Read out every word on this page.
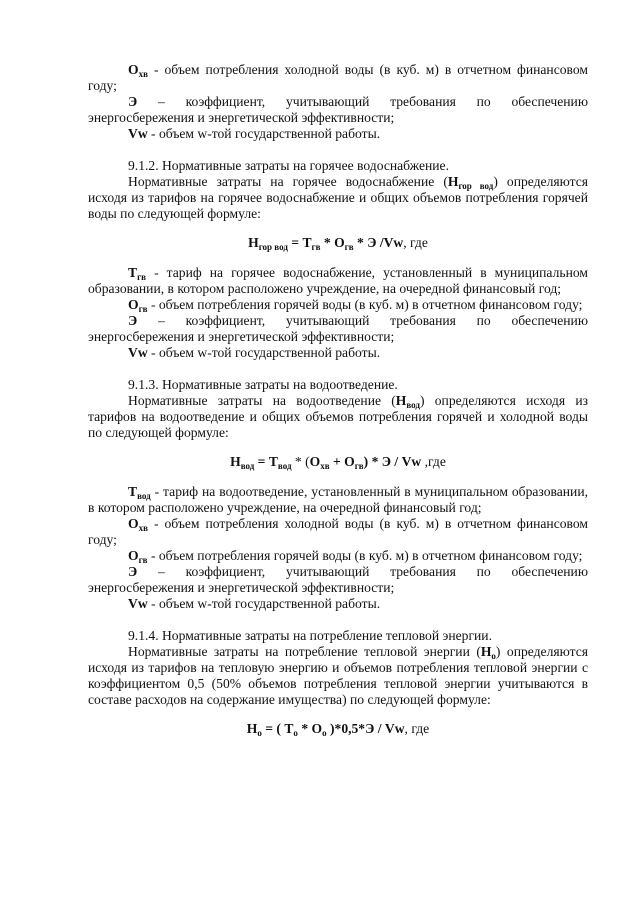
$О_{хв}$ - объем потребления холодной воды (в куб. м) в отчетном финансовом году;

Э – коэффициент, учитывающий требования по обеспечению

энергосбережения и энергетической эффективности;

Vw - объем w-той государственной работы.

9.1.2. Нормативные затраты на горячее водоснабжение.

Нормативные затраты на горячее водоснабжение $(Н_{гор вод})$ определяются исходя из тарифов на горячее водоснабжение и общих объемов потребления горячей воды по следующей формуле:

$Н_{гор вод} = Т_{гв} * О_{гв} * Э$ /Vw, где

$Т_{гв}$ - тариф на горячее водоснабжение, установленный в муниципальном образовании, в котором расположено учреждение, на очередной финансовый год;

$О_{гв}$ - объем потребления горячей воды (в куб. м) в отчетном финансовом году;

Э – коэффициент, учитывающий требования по обеспечению

энергосбережения и энергетической эффективности;

Vw - объем w-той государственной работы.

9.1.3. Нормативные затраты на водоотведение.

Нормативные затраты на водоотведение $(Н_{вод})$ определяются исходя из тарифов на водоотведение и общих объемов потребления горячей и холодной воды по следующей формуле:

$Н_{вод} = Т_{вод} * (О_{хв} + О_{гв}) * Э / Vw$ ,где

$Т_{вод}$ - тариф на водоотведение, установленный в муниципальном образовании, в котором расположено учреждение, на очередной финансовый год;

$О_{хв}$ - объем потребления холодной воды (в куб. м) в отчетном финансовом году;

$О_{гв}$ - объем потребления горячей воды (в куб. м) в отчетном финансовом году;

Э – коэффициент, учитывающий требования по обеспечению

энергосбережения и энергетической эффективности;

Vw - объем w-той государственной работы.

9.1.4. Нормативные затраты на потребление тепловой энергии.

Нормативные затраты на потребление тепловой энергии $(Н_о)$ определяются исходя из тарифов на тепловую энергию и объемов потребления тепловой энергии с коэффициентом 0,5 (50% объемов потребления тепловой энергии учитываются в составе расходов на содержание имущества) по следующей формуле:

$Н_о$ = ( $Т_о * О_о$ )*0,5*Э / Vw, где
